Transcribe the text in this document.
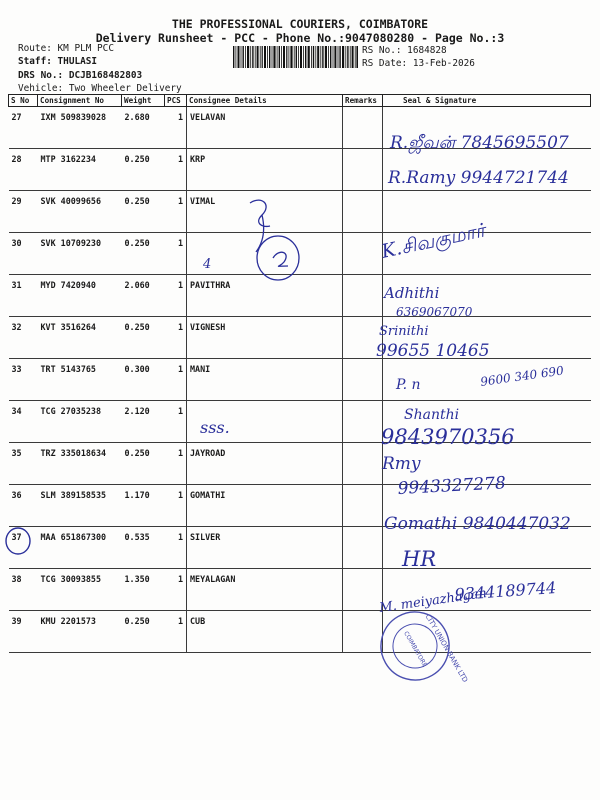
THE PROFESSIONAL COURIERS, COIMBATORE
Delivery Runsheet - PCC - Phone No.:9047080280 - Page No.:3
Route: KM PLM PCC
Staff: THULASI
DRS No.: DCJB168482803
Vehicle: Two Wheeler Delivery
RS No.: 1684828
RS Date: 13-Feb-2026
S No	Consignment No	Weight	PCS	Consignee Details	Remarks	Seal & Signature
27	IXM 509839028	2.680	1	VELAVAN		
28	MTP 3162234	0.250	1	KRP		
29	SVK 40099656	0.250	1	VIMAL		
30	SVK 10709230	0.250	1			
31	MYD 7420940	2.060	1	PAVITHRA		
32	KVT 3516264	0.250	1	VIGNESH		
33	TRT 5143765	0.300	1	MANI		
34	TCG 27035238	2.120	1			
35	TRZ 335018634	0.250	1	JAYROAD		
36	SLM 389158535	1.170	1	GOMATHI		
37	MAA 651867300	0.535	1	SILVER		
38	TCG 30093855	1.350	1	MEYALAGAN		
39	KMU 2201573	0.250	1	CUB		
4
R.ஜீவன் 7845695507
R.Ramy 9944721744
K.சிவகுமார்
Adhithi
6369067070
Srinithi
99655 10465
P. n	9600 340 690
sss.
Shanthi
9843970356
Rmy
9943327278
Gomathi 9840447032
HR
M. meiyazhagan
9344189744
CITY UNION BANK LTD
COIMBATORE
